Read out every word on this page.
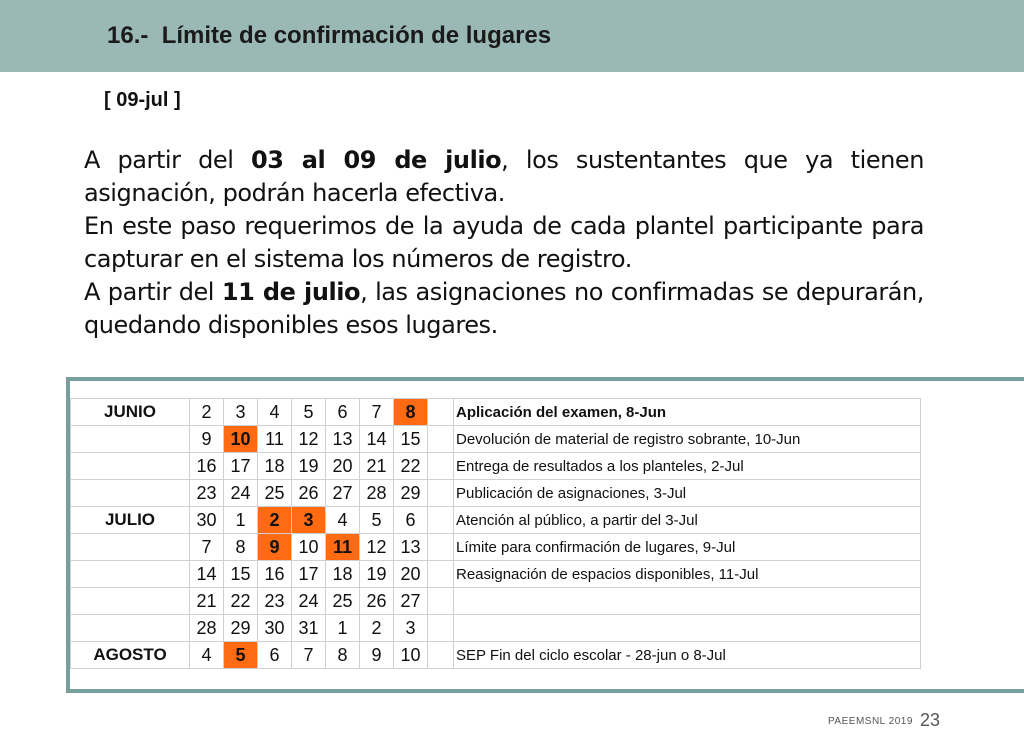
16.-  Límite de confirmación de lugares
[ 09-jul ]

A partir del 03 al 09 de julio, los sustentantes que ya tienen asignación, podrán hacerla efectiva.

En este paso requerimos de la ayuda de cada plantel participante para capturar en el sistema los números de registro.

A partir del 11 de julio, las asignaciones no confirmadas se depurarán, quedando disponibles esos lugares.

JUNIO	2	3	4	5	6	7	8		Aplicación del examen, 8-Jun
	9	10	11	12	13	14	15		Devolución de material de registro sobrante, 10-Jun
	16	17	18	19	20	21	22		Entrega de resultados a los planteles, 2-Jul
	23	24	25	26	27	28	29		Publicación de asignaciones, 3-Jul
JULIO	30	1	2	3	4	5	6		Atención al público, a partir del 3-Jul
	7	8	9	10	11	12	13		Límite para confirmación de lugares, 9-Jul
	14	15	16	17	18	19	20		Reasignación de espacios disponibles, 11-Jul
	21	22	23	24	25	26	27		
	28	29	30	31	1	2	3		
AGOSTO	4	5	6	7	8	9	10		SEP Fin del ciclo escolar - 28-jun o 8-Jul
PAEEMSNL 2019 23
